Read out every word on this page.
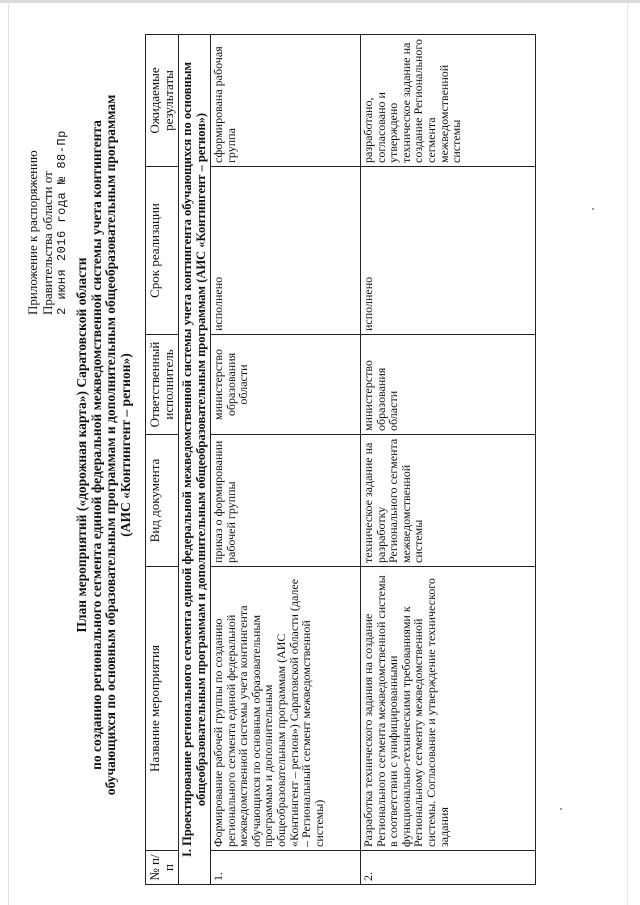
Приложение к распоряжению Правительства области от 2 июня 2016 года № 88-Пр
План мероприятий («дорожная карта») Саратовской области по созданию регионального сегмента единой федеральной межведомственной системы учета контингента обучающихся по основным образовательным программам и дополнительным общеобразовательным программам (АИС «Контингент – регион»)
№ п/п	Название мероприятия	Вид документа	Ответственный исполнитель	Срок реализации	Ожидаемые результаты
I. Проектирование регионального сегмента единой федеральной межведомственной системы учета контингента обучающихся по основным общеобразовательным программам и дополнительным общеобразовательным программам (АИС «Контингент – регион»)					
1.	Формирование рабочей группы по созданию регионального сегмента единой федеральной межведомственной системы учета контингента обучающихся по основным образовательным программам и дополнительным общеобразовательным программам (АИС «Контингент – регион») Саратовской области (далее – Региональный сегмент межведомственной системы)	приказ о формировании рабочей группы	министерство образования области	исполнено	сформирована рабочая группа
2.	Разработка технического задания на создание Регионального сегмента межведомственной системы в соответствии с унифицированными функционально-техническими требованиями к Региональному сегменту межведомственной системы. Согласование и утверждение технического задания	техническое задание на разработку Регионального сегмента межведомственной системы	министерство образования области	исполнено	разработано, согласовано и утверждено техническое задание на создание Регионального сегмента межведомственной системы
